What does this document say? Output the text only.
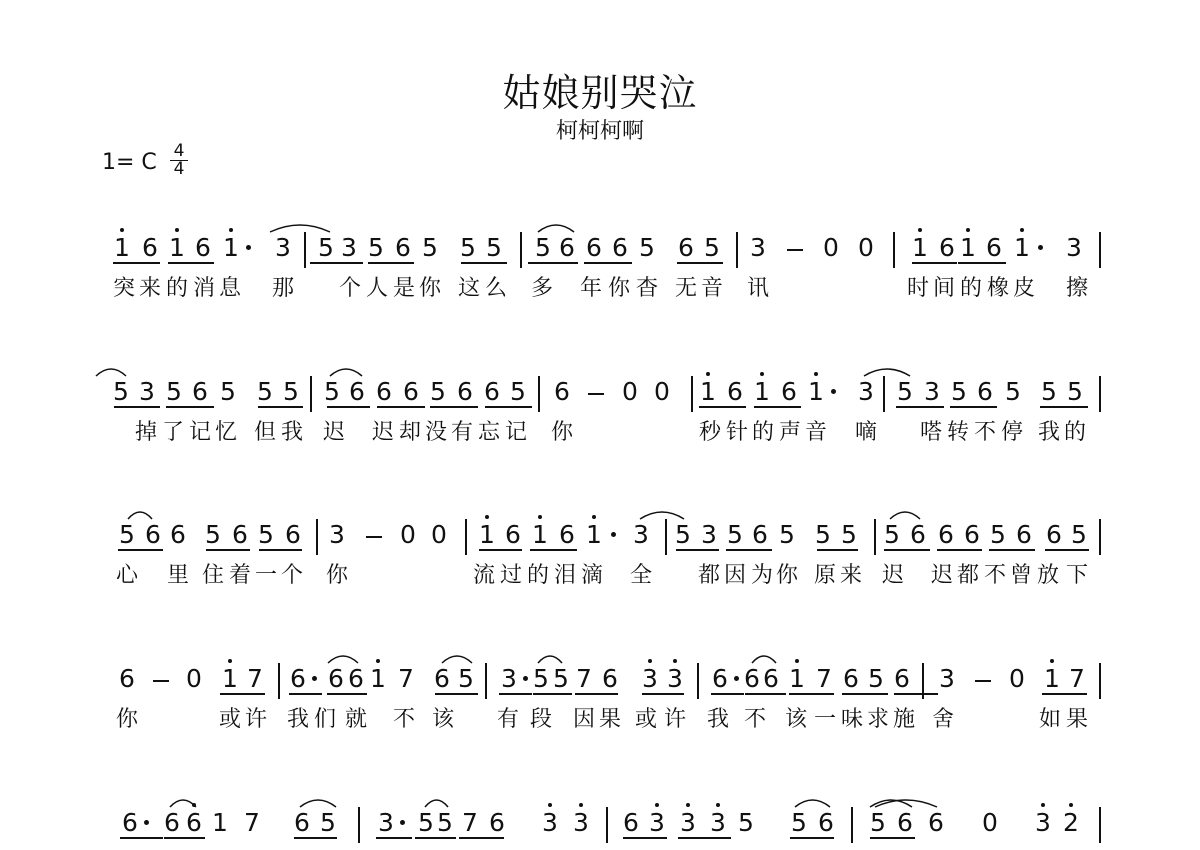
姑娘别哭泣
柯柯柯啊
1= C 4
4
1 6 1 6 1 3 5 3 5 6 5 5 5 5 6 6 6 5 6 5 3 0 0 1 6 1 6 1 3
突 来 的 消 息 那 个 人 是 你 这 么 多 年 你 杳 无 音 讯	时 间 的 橡 皮 擦
5 3 5 6 5 5 5 5 6 6 6 5 6 6 5 6 0 0 1 6 1 6 1 3 5 3 5 6 5 5 5
掉 了 记 忆 但 我 迟 迟 却 没 有 忘 记 你	秒 针 的 声 音 嘀 嗒 转 不 停 我 的
5 6 6 5 6 5 6 3 0 0 1 6 1 6 1 3 5 3 5 6 5 5 5 5 6 6 6 5 6 6 5
心 里 住 着 一 个 你	流 过 的 泪 滴 全 都 因 为 你 原 来 迟 迟 都 不 曾 放 下
6 0 1 7 6 6 6 1 7 6 5 3 5 5 7 6 3 3 6 6 6 1 7 6 5 6 3 0 1 7
你	或 许 我 们 就 不 该 有 段 因 果 或 许 我 不 该 一 味 求 施 舍	如 果
6 6 6 1 7 6 5 3 5 5 7 6 3 3 6 3 3 3 5 5 6 5 6 6 0 3 2
